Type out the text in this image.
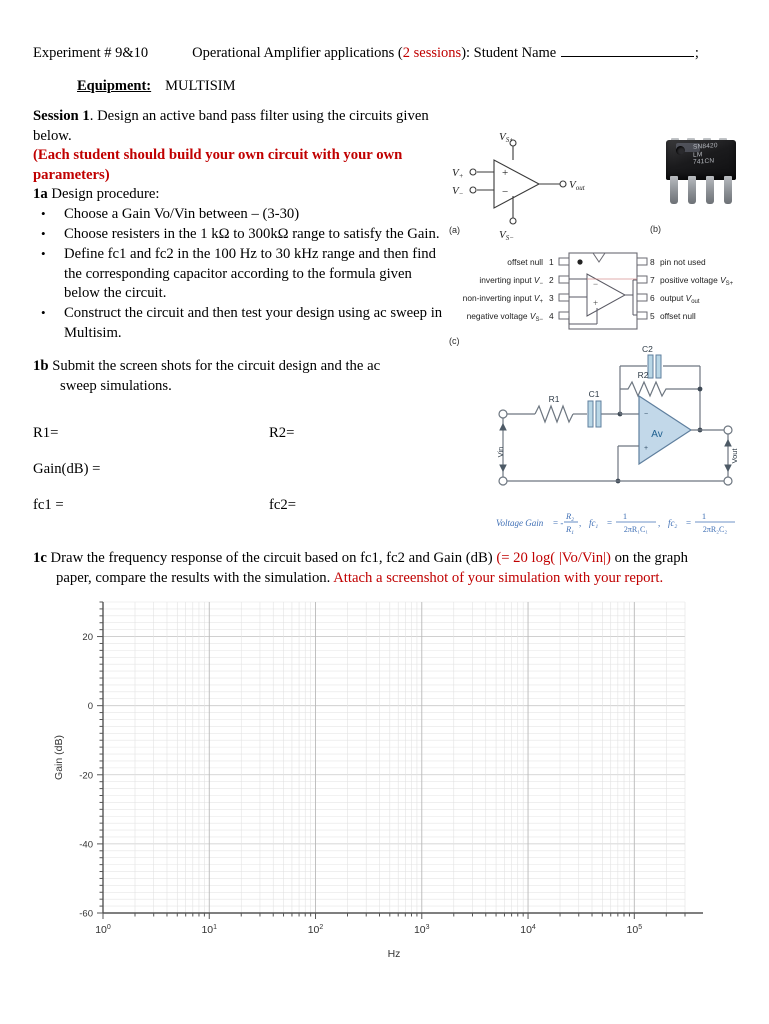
Experiment # 9&10	Operational Amplifier applications (2 sessions): Student Name	;
Equipment: MULTISIM

Session 1. Design an active band pass filter using the circuits given below.

(Each student should build your own circuit with your own parameters)

1a Design procedure:

• Choose a Gain Vo/Vin between – (3-30)
• Choose resisters in the 1 kΩ to 300kΩ range to satisfy the Gain.
• Define fc1 and fc2 in the 100 Hz to 30 kHz range and then find the corresponding capacitor according to the formula given below the circuit.
• Construct the circuit and then test your design using ac sweep in Multisim.
1b Submit the screen shots for the circuit design and the ac
sweep simulations.
R1=	R2=
Gain(dB) =
fc1 =	fc2=
1c Draw the frequency response of the circuit based on fc1, fc2 and Gain (dB) (= 20 log( |Vo/Vin|) on the graph
paper, compare the results with the simulation. Attach a screenshot of your simulation with your report.
+
−
VS+
VS−
V+
V−
Vout
(a)
SN8420
LM
741CN
(b)
−
+
offset null
inverting input $V_-$
non-inverting input $V_+$
negative voltage $V_{S-}$
1
2
3
4
8
7
6
5
pin not used
positive voltage $V_{S+}$
output $V_{out}$
offset null
(c)
−
+
R1	C1
R2
Av
Vin	Vout
C2
Voltage Gain = -
$R_2$
$R_1$
, $fc_1$ =
1
2πR₁C₁
, $fc_2$ =
1
2πR₂C₂
20
0
-20
-40
-60
$10^0$	$10^1$	$10^2$	$10^3$	$10^4$	$10^5$
Hz
Gain (dB)
